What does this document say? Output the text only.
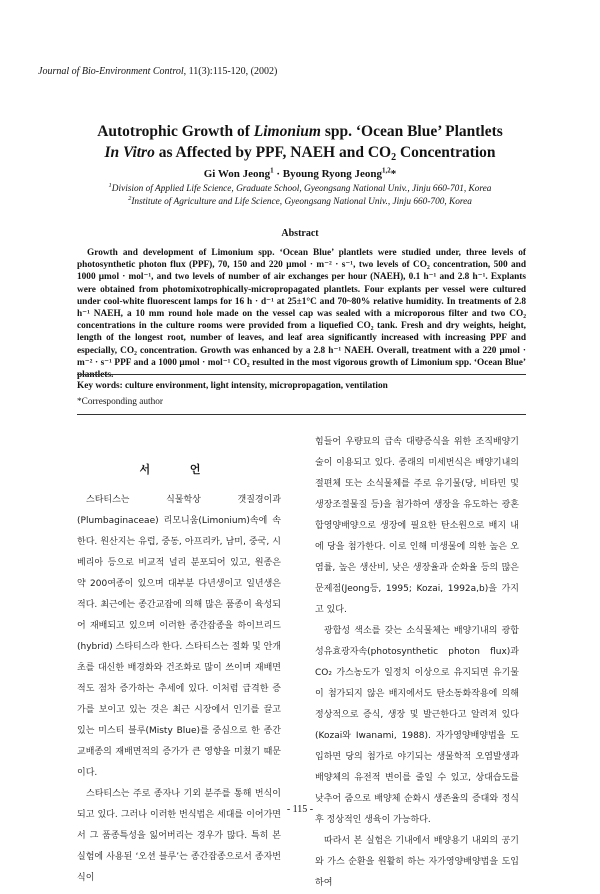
Journal of Bio-Environment Control, 11(3):115-120, (2002)
Autotrophic Growth of Limonium spp. ‘Ocean Blue’ Plantlets
In Vitro as Affected by PPF, NAEH and $CO_2$ Concentration
Gi Won Jeong$^1$ · Byoung Ryong Jeong$^{1,2}$*
$^1$Division of Applied Life Science, Graduate School, Gyeongsang National Univ., Jinju 660-701, Korea
$^2$Institute of Agriculture and Life Science, Gyeongsang National Univ., Jinju 660-700, Korea
Abstract

Growth and development of Limonium spp. ‘Ocean Blue’ plantlets were studied under, three levels of photosynthetic photon flux (PPF), 70, 150 and 220 μmol · m⁻² · s⁻¹, two levels of CO₂ concentration, 500 and 1000 μmol · mol⁻¹, and two levels of number of air exchanges per hour (NAEH), 0.1 h⁻¹ and 2.8 h⁻¹. Explants were obtained from photomixotrophically-micropropagated plantlets. Four explants per vessel were cultured under cool-white fluorescent lamps for 16 h · d⁻¹ at 25±1°C and 70~80% relative humidity. In treatments of 2.8 h⁻¹ NAEH, a 10 mm round hole made on the vessel cap was sealed with a microporous filter and two CO₂ concentrations in the culture rooms were provided from a liquefied CO₂ tank. Fresh and dry weights, height, length of the longest root, number of leaves, and leaf area significantly increased with increasing PPF and especially, CO₂ concentration. Growth was enhanced by a 2.8 h⁻¹ NAEH. Overall, treatment with a 220 μmol · m⁻² · s⁻¹ PPF and a 1000 μmol · mol⁻¹ CO₂ resulted in the most vigorous growth of Limonium spp. ‘Ocean Blue’ plantlets.

Key words: culture environment, light intensity, micropropagation, ventilation
*Corresponding author
서 언

스타티스는 식물학상 갯질경이과(Plumbaginaceae) 리모니움(Limonium)속에 속한다. 원산지는 유럽, 중동, 아프리카, 남미, 중국, 시베리아 등으로 비교적 널리 분포되어 있고, 원종은 약 200여종이 있으며 대부분 다년생이고 일년생은 적다. 최근에는 종간교잡에 의해 많은 품종이 육성되어 재배되고 있으며 이러한 종간잡종을 하이브리드(hybrid) 스타티스라 한다. 스타티스는 절화 및 안개초를 대신한 배경화와 건조화로 많이 쓰이며 재배면적도 점차 증가하는 추세에 있다. 이처럼 급격한 증가를 보이고 있는 것은 최근 시장에서 인기를 끌고 있는 미스티 블루(Misty Blue)를 중심으로 한 종간 교배종의 재배면적의 증가가 큰 영향을 미쳤기 때문이다.

스타티스는 주로 종자나 기외 분주를 통해 번식이 되고 있다. 그러나 이러한 번식법은 세대를 이어가면서 그 품종특성을 잃어버리는 경우가 많다. 특히 본 실험에 사용된 ‘오션 블루’는 종간잡종으로서 종자번식이

힘들어 우량묘의 급속 대량증식을 위한 조직배양기술이 이용되고 있다. 종래의 미세번식은 배양기내의 절편체 또는 소식물체를 주로 유기물(당, 비타민 및 생장조절물질 등)을 첨가하여 생장을 유도하는 광혼합영양배양으로 생장에 필요한 탄소원으로 배지 내에 당을 첨가한다. 이로 인해 미생물에 의한 높은 오염률, 높은 생산비, 낮은 생장율과 순화율 등의 많은 문제점(Jeong등, 1995; Kozai, 1992a,b)을 가지고 있다.

광합성 색소를 갖는 소식물체는 배양기내의 광합성유효광자속(photosynthetic photon flux)과 CO₂ 가스농도가 일정치 이상으로 유지되면 유기물이 첨가되지 않은 배지에서도 탄소동화작용에 의해 정상적으로 증식, 생장 및 발근한다고 알려져 있다(Kozai와 Iwanami, 1988). 자가영양배양법을 도입하면 당의 첨가로 야기되는 생물학적 오염발생과 배양체의 유전적 변이를 줄일 수 있고, 상대습도를 낮추어 줌으로 배양체 순화시 생존율의 증대와 정식후 정상적인 생육이 가능하다.

따라서 본 실험은 기내에서 배양용기 내외의 공기와 가스 순환을 원활히 하는 자가영양배양법을 도입하여

- 115 -
